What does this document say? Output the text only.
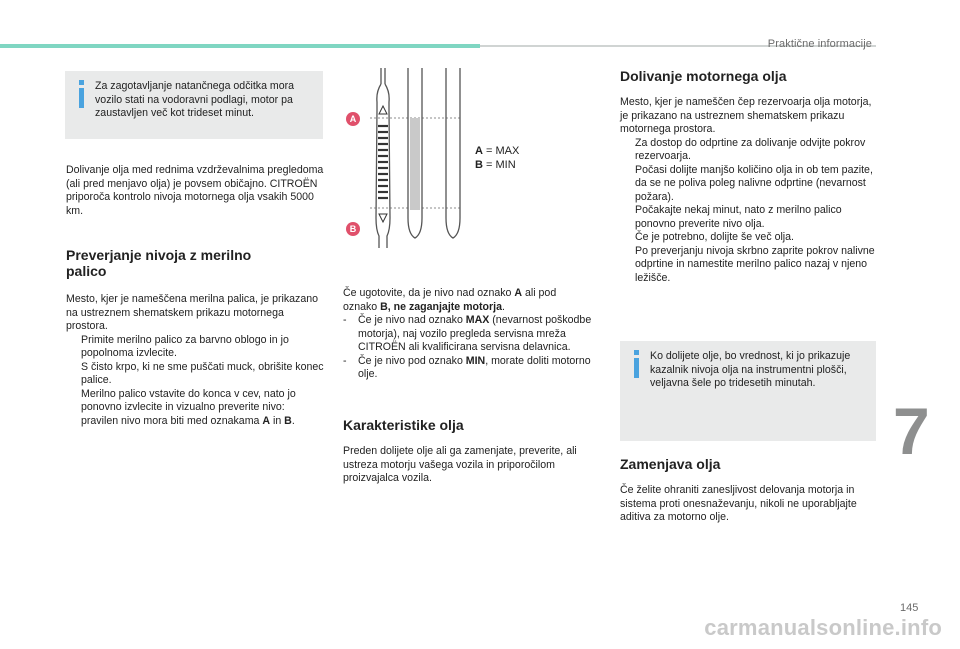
Praktične informacije

Za zagotavljanje natančnega odčitka mora vozilo stati na vodoravni podlagi, motor pa zaustavljen več kot trideset minut.

Dolivanje olja med rednima vzdrževalnima pregledoma (ali pred menjavo olja) je povsem običajno. CITROËN priporoča kontrolo nivoja motornega olja vsakih 5000 km.

Preverjanje nivoja z merilno
palico

Mesto, kjer je nameščena merilna palica, je prikazano na ustreznem shematskem prikazu motornega prostora.

Primite merilno palico za barvno oblogo in jo popolnoma izvlecite.
S čisto krpo, ki ne sme puščati muck, obrišite konec palice.
Merilno palico vstavite do konca v cev, nato jo ponovno izvlecite in vizualno preverite nivo: pravilen nivo mora biti med oznakama A in B.
A
B
A = MAX
B = MIN

Če ugotovite, da je nivo nad oznako A ali pod oznako B, ne zaganjajte motorja.

-	Če je nivo nad oznako MAX (nevarnost poškodbe motorja), naj vozilo pregleda servisna mreža CITROËN ali kvalificirana servisna delavnica.
-	Če je nivo pod oznako MIN, morate doliti motorno olje.
Karakteristike olja

Preden dolijete olje ali ga zamenjate, preverite, ali ustreza motorju vašega vozila in priporočilom proizvajalca vozila.

Dolivanje motornega olja

Mesto, kjer je nameščen čep rezervoarja olja motorja, je prikazano na ustreznem shematskem prikazu motornega prostora.

Za dostop do odprtine za dolivanje odvijte pokrov rezervoarja.
Počasi dolijte manjšo količino olja in ob tem pazite, da se ne poliva poleg nalivne odprtine (nevarnost požara).
Počakajte nekaj minut, nato z merilno palico ponovno preverite nivo olja.
Če je potrebno, dolijte še več olja.
Po preverjanju nivoja skrbno zaprite pokrov nalivne odprtine in namestite merilno palico nazaj v njeno ležišče.

Ko dolijete olje, bo vrednost, ki jo prikazuje kazalnik nivoja olja na instrumentni plošči, veljavna šele po tridesetih minutah.

Zamenjava olja

Če želite ohraniti zanesljivost delovanja motorja in sistema proti onesnaževanju, nikoli ne uporabljajte aditiva za motorno olje.

7
145
carmanualsonline.info
